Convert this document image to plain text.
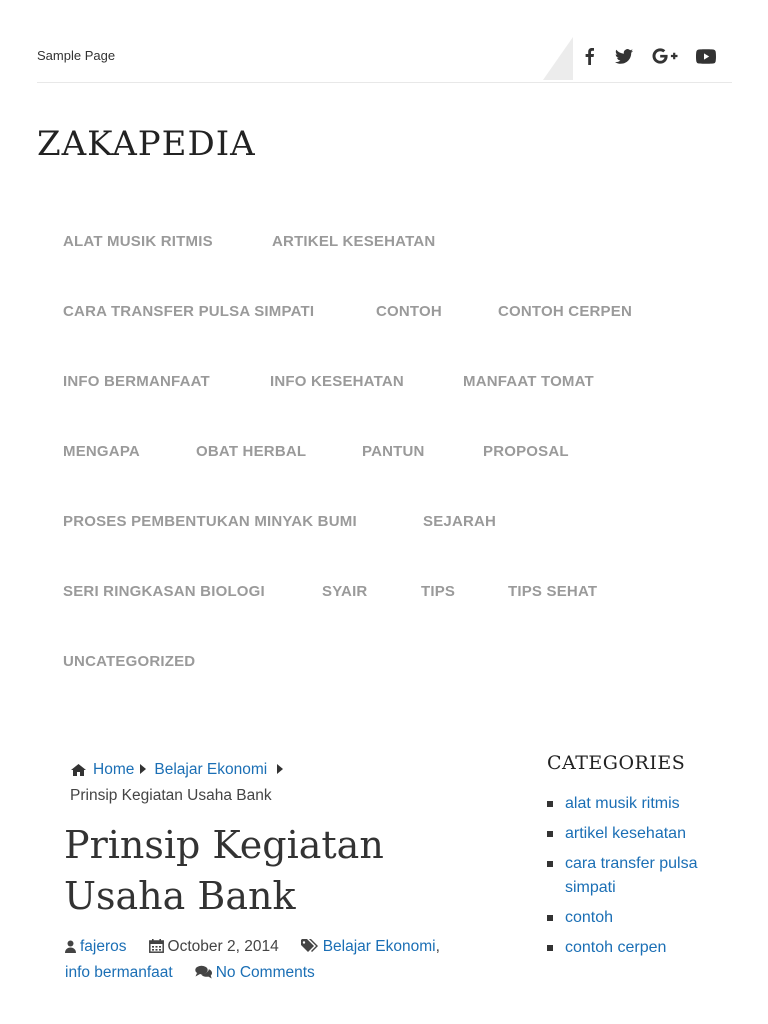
Sample Page
ZAKAPEDIA
ALAT MUSIK RITMIS	ARTIKEL KESEHATAN
CARA TRANSFER PULSA SIMPATI	CONTOH	CONTOH CERPEN
INFO BERMANFAAT	INFO KESEHATAN	MANFAAT TOMAT
MENGAPA	OBAT HERBAL	PANTUN	PROPOSAL
PROSES PEMBENTUKAN MINYAK BUMI	SEJARAH
SERI RINGKASAN BIOLOGI	SYAIR	TIPS	TIPS SEHAT
UNCATEGORIZED
Home Belajar Ekonomi
Prinsip Kegiatan Usaha Bank
Prinsip Kegiatan Usaha Bank
fajeros	October 2, 2014	Belajar Ekonomi,
info bermanfaat	No Comments
CATEGORIES
alat musik ritmis
artikel kesehatan
cara transfer pulsa simpati
contoh
contoh cerpen
